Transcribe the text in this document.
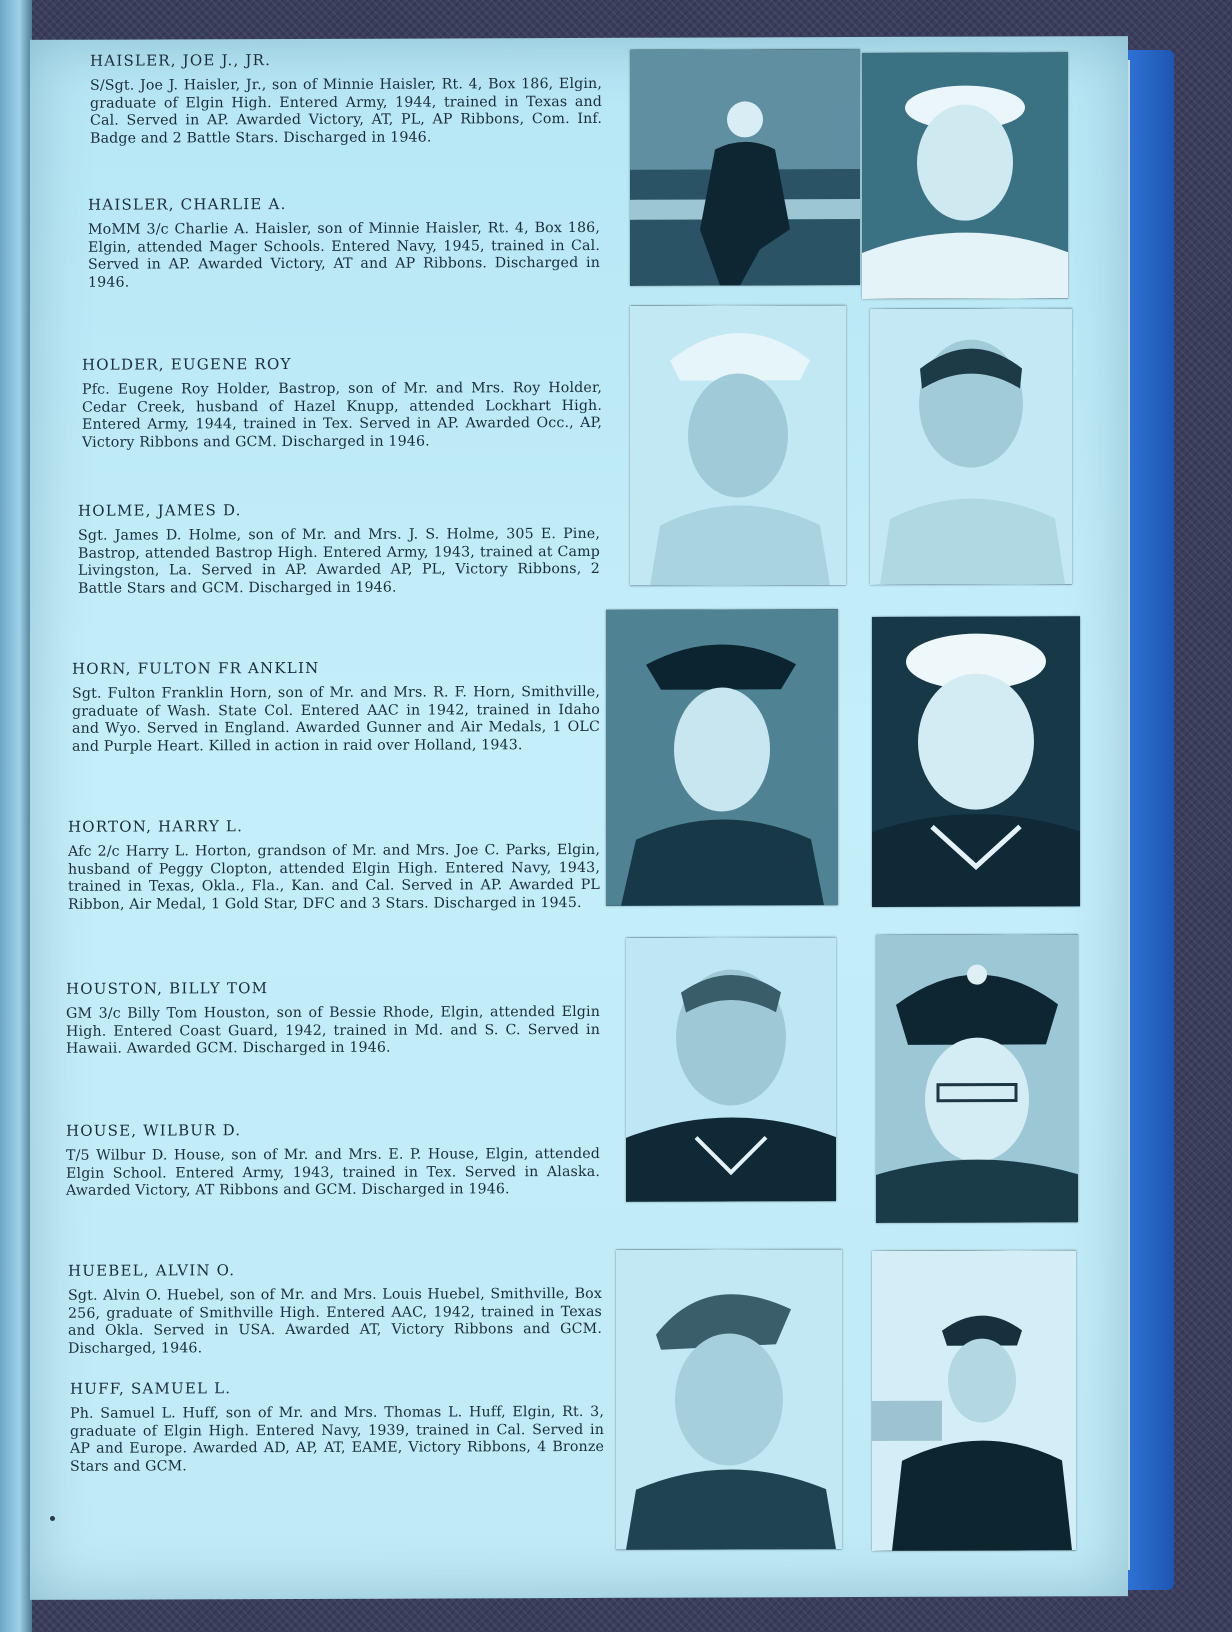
HAISLER, JOE J., JR.

S/Sgt. Joe J. Haisler, Jr., son of Minnie Haisler, Rt. 4, Box 186, Elgin, graduate of Elgin High. Entered Army, 1944, trained in Texas and Cal. Served in AP. Awarded Victory, AT, PL, AP Ribbons, Com. Inf. Badge and 2 Battle Stars. Discharged in 1946.

HAISLER, CHARLIE A.

MoMM 3/c Charlie A. Haisler, son of Minnie Haisler, Rt. 4, Box 186, Elgin, attended Mager Schools. Entered Navy, 1945, trained in Cal. Served in AP. Awarded Victory, AT and AP Ribbons. Discharged in 1946.

HOLDER, EUGENE ROY

Pfc. Eugene Roy Holder, Bastrop, son of Mr. and Mrs. Roy Holder, Cedar Creek, husband of Hazel Knupp, attended Lockhart High. Entered Army, 1944, trained in Tex. Served in AP. Awarded Occ., AP, Victory Ribbons and GCM. Discharged in 1946.

HOLME, JAMES D.

Sgt. James D. Holme, son of Mr. and Mrs. J. S. Holme, 305 E. Pine, Bastrop, attended Bastrop High. Entered Army, 1943, trained at Camp Livingston, La. Served in AP. Awarded AP, PL, Victory Ribbons, 2 Battle Stars and GCM. Discharged in 1946.

HORN, FULTON FR ANKLIN

Sgt. Fulton Franklin Horn, son of Mr. and Mrs. R. F. Horn, Smithville, graduate of Wash. State Col. Entered AAC in 1942, trained in Idaho and Wyo. Served in England. Awarded Gunner and Air Medals, 1 OLC and Purple Heart. Killed in action in raid over Holland, 1943.

HORTON, HARRY L.

Afc 2/c Harry L. Horton, grandson of Mr. and Mrs. Joe C. Parks, Elgin, husband of Peggy Clopton, attended Elgin High. Entered Navy, 1943, trained in Texas, Okla., Fla., Kan. and Cal. Served in AP. Awarded PL Ribbon, Air Medal, 1 Gold Star, DFC and 3 Stars. Discharged in 1945.

HOUSTON, BILLY TOM

GM 3/c Billy Tom Houston, son of Bessie Rhode, Elgin, attended Elgin High. Entered Coast Guard, 1942, trained in Md. and S. C. Served in Hawaii. Awarded GCM. Discharged in 1946.

HOUSE, WILBUR D.

T/5 Wilbur D. House, son of Mr. and Mrs. E. P. House, Elgin, attended Elgin School. Entered Army, 1943, trained in Tex. Served in Alaska. Awarded Victory, AT Ribbons and GCM. Discharged in 1946.

HUEBEL, ALVIN O.

Sgt. Alvin O. Huebel, son of Mr. and Mrs. Louis Huebel, Smithville, Box 256, graduate of Smithville High. Entered AAC, 1942, trained in Texas and Okla. Served in USA. Awarded AT, Victory Ribbons and GCM. Discharged, 1946.

HUFF, SAMUEL L.

Ph. Samuel L. Huff, son of Mr. and Mrs. Thomas L. Huff, Elgin, Rt. 3, graduate of Elgin High. Entered Navy, 1939, trained in Cal. Served in AP and Europe. Awarded AD, AP, AT, EAME, Victory Ribbons, 4 Bronze Stars and GCM.
